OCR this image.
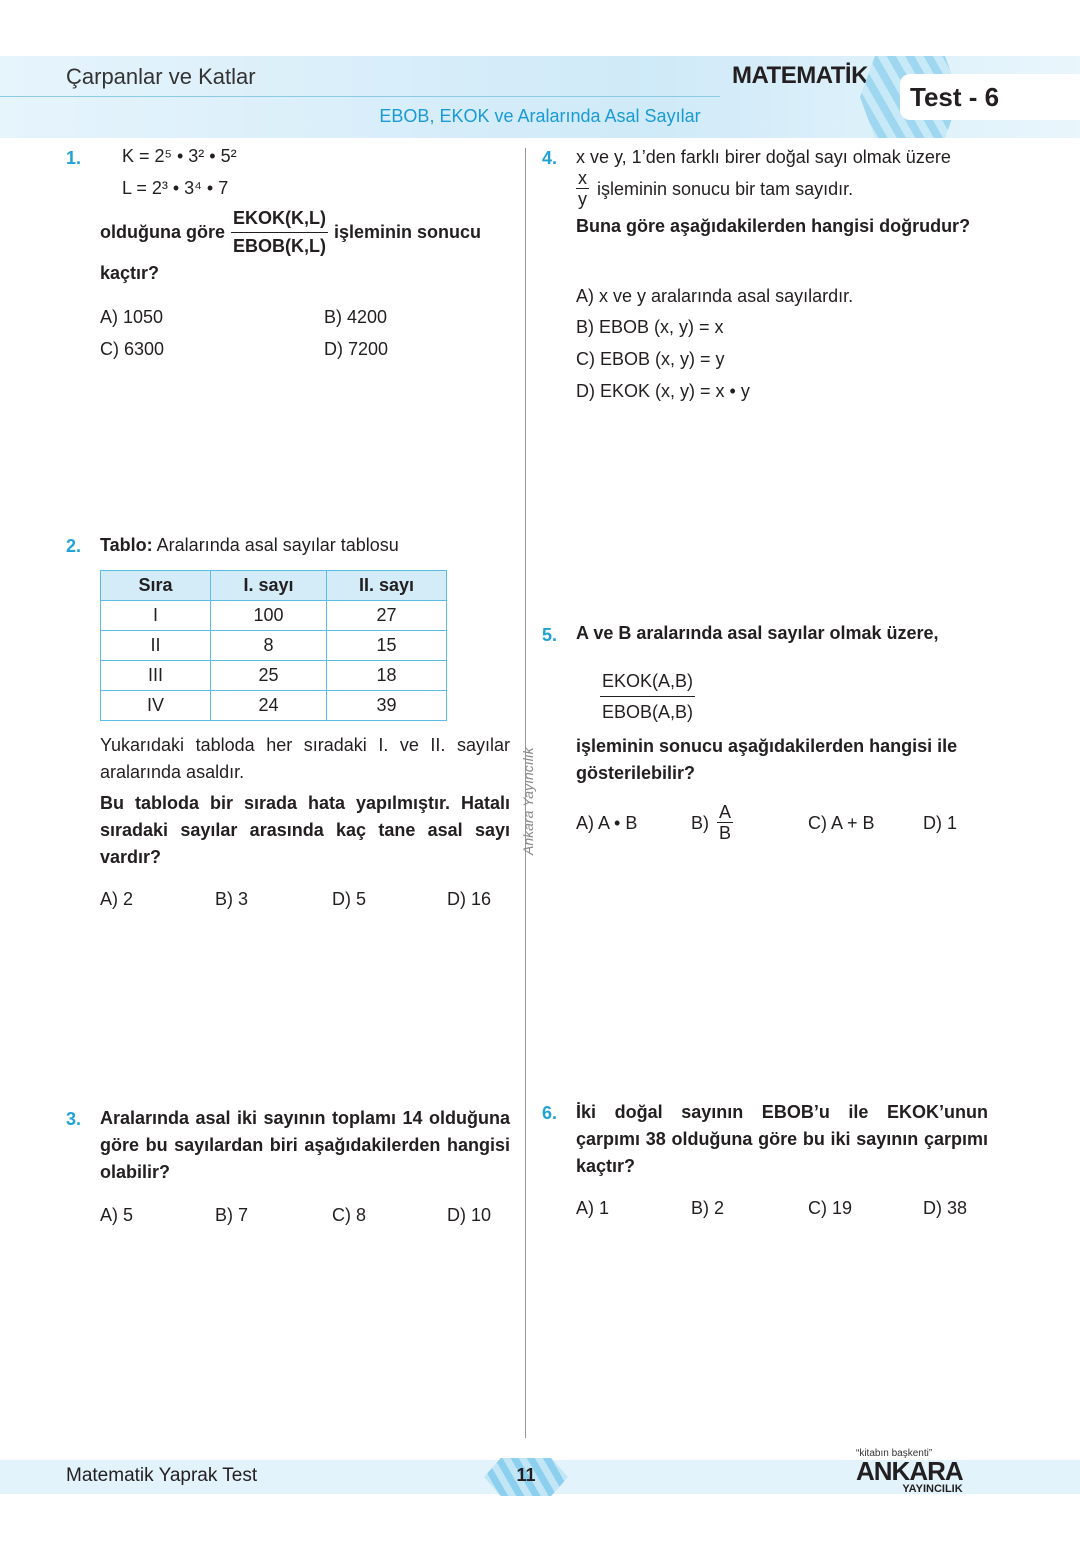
Çarpanlar ve Katlar	MATEMATİK
Test - 6
EBOB, EKOK ve Aralarında Asal Sayılar
Ankara Yayıncılık
1. K = 2⁵ • 3² • 5²
L = 2³ • 3⁴ • 7
olduğuna göre $\frac{\text{EKOK(K,L)}}{\text{EBOB(K,L)}}$ işleminin sonucu
kaçtır?
A) 1050	B) 4200
C) 6300	D) 7200
2. Tablo: Aralarında asal sayılar tablosu
Sıra	I. sayı	II. sayı
I	100	27
II	8	15
III	25	18
IV	24	39
Yukarıdaki tabloda her sıradaki I. ve II. sayılar aralarında asaldır.
Bu tabloda bir sırada hata yapılmıştır. Hatalı sıradaki sayılar arasında kaç tane asal sayı vardır?
A) 2	B) 3	D) 5	D) 16
3. Aralarında asal iki sayının toplamı 14 olduğuna göre bu sayılardan biri aşağıdakilerden hangisi olabilir?
A) 5	B) 7	C) 8	D) 10
4. x ve y, 1’den farklı birer doğal sayı olmak üzere
$\frac{x}{y}$ işleminin sonucu bir tam sayıdır.
Buna göre aşağıdakilerden hangisi doğrudur?
A) x ve y aralarında asal sayılardır.
B) EBOB (x, y) = x
C) EBOB (x, y) = y
D) EKOK (x, y) = x • y
5. A ve B aralarında asal sayılar olmak üzere,
EKOK(A,B)
EBOB(A,B)
işleminin sonucu aşağıdakilerden hangisi ile gösterilebilir?
A) A • B	$B) \frac{A}{B}$	C) A + B	D) 1
6. İki doğal sayının EBOB’u ile EKOK’unun çarpımı 38 olduğuna göre bu iki sayının çarpımı kaçtır?
A) 1	B) 2	C) 19	D) 38
Matematik Yaprak Test	11
“kitabın başkenti”
ANKARA
YAYINCILIK
